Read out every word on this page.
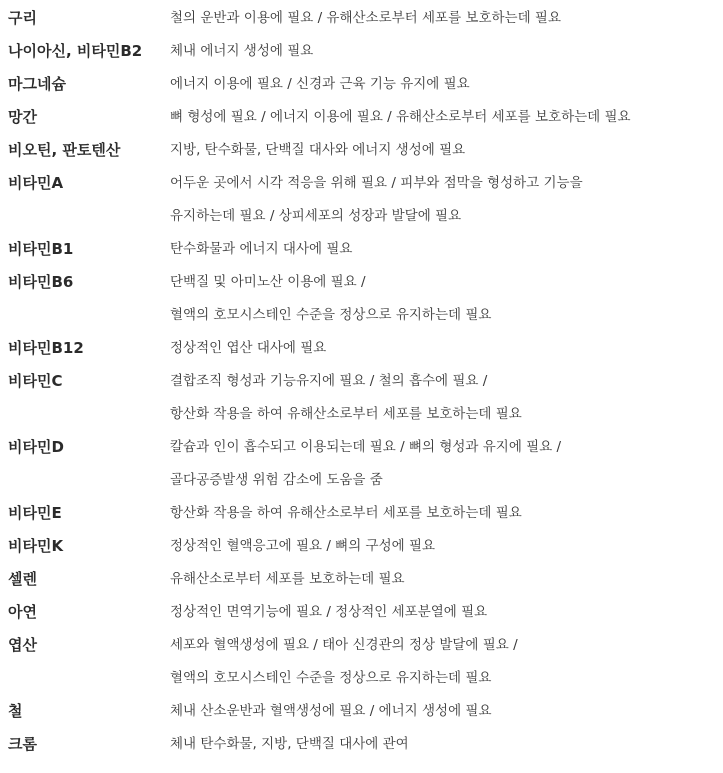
구리	철의 운반과 이용에 필요 / 유해산소로부터 세포를 보호하는데 필요
나이아신, 비타민B2	체내 에너지 생성에 필요
마그네슘	에너지 이용에 필요 / 신경과 근육 기능 유지에 필요
망간	뼈 형성에 필요 / 에너지 이용에 필요 / 유해산소로부터 세포를 보호하는데 필요
비오틴, 판토텐산	지방, 탄수화물, 단백질 대사와 에너지 생성에 필요
비타민A	어두운 곳에서 시각 적응을 위해 필요 / 피부와 점막을 형성하고 기능을
유지하는데 필요 / 상피세포의 성장과 발달에 필요
비타민B1	탄수화물과 에너지 대사에 필요
비타민B6	단백질 및 아미노산 이용에 필요 /
혈액의 호모시스테인 수준을 정상으로 유지하는데 필요
비타민B12	정상적인 엽산 대사에 필요
비타민C	결합조직 형성과 기능유지에 필요 / 철의 흡수에 필요 /
항산화 작용을 하여 유해산소로부터 세포를 보호하는데 필요
비타민D	칼슘과 인이 흡수되고 이용되는데 필요 / 뼈의 형성과 유지에 필요 /
골다공증발생 위험 감소에 도움을 줌
비타민E	항산화 작용을 하여 유해산소로부터 세포를 보호하는데 필요
비타민K	정상적인 혈액응고에 필요 / 뼈의 구성에 필요
셀렌	유해산소로부터 세포를 보호하는데 필요
아연	정상적인 면역기능에 필요 / 정상적인 세포분열에 필요
엽산	세포와 혈액생성에 필요 / 태아 신경관의 정상 발달에 필요 /
혈액의 호모시스테인 수준을 정상으로 유지하는데 필요
철	체내 산소운반과 혈액생성에 필요 / 에너지 생성에 필요
크롬	체내 탄수화물, 지방, 단백질 대사에 관여
